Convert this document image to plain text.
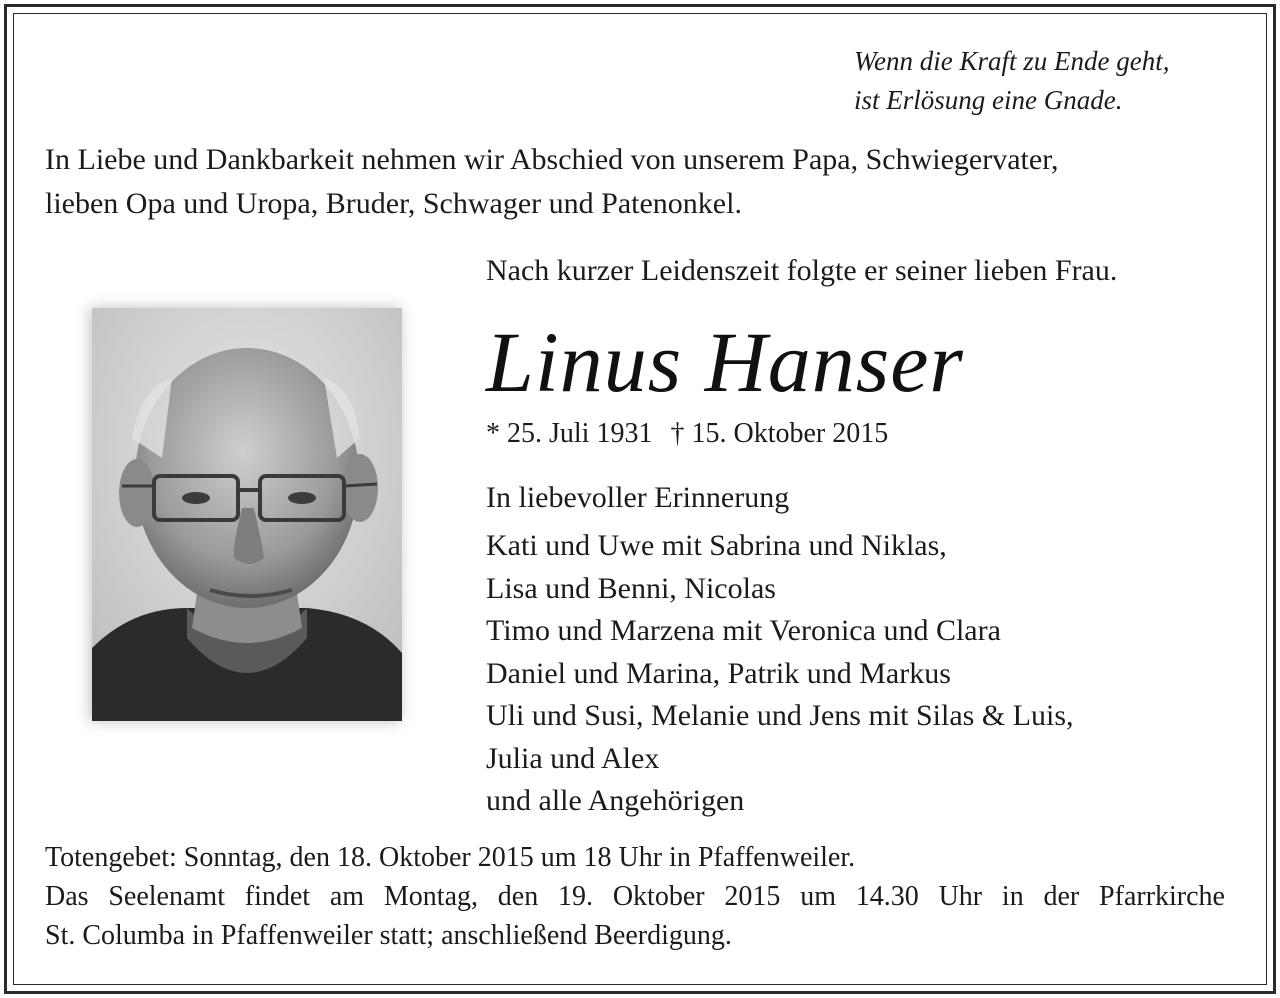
Wenn die Kraft zu Ende geht,
ist Erlösung eine Gnade.
In Liebe und Dankbarkeit nehmen wir Abschied von unserem Papa, Schwiegervater,
lieben Opa und Uropa, Bruder, Schwager und Patenonkel.
Nach kurzer Leidenszeit folgte er seiner lieben Frau.
Linus Hanser
* 25. Juli 1931 † 15. Oktober 2015
In liebevoller Erinnerung
Kati und Uwe mit Sabrina und Niklas,
Lisa und Benni, Nicolas
Timo und Marzena mit Veronica und Clara
Daniel und Marina, Patrik und Markus
Uli und Susi, Melanie und Jens mit Silas & Luis,
Julia und Alex
und alle Angehörigen
Totengebet: Sonntag, den 18. Oktober 2015 um 18 Uhr in Pfaffenweiler.
Das Seelenamt findet am Montag, den 19. Oktober 2015 um 14.30 Uhr in der Pfarrkirche
St. Columba in Pfaffenweiler statt; anschließend Beerdigung.
